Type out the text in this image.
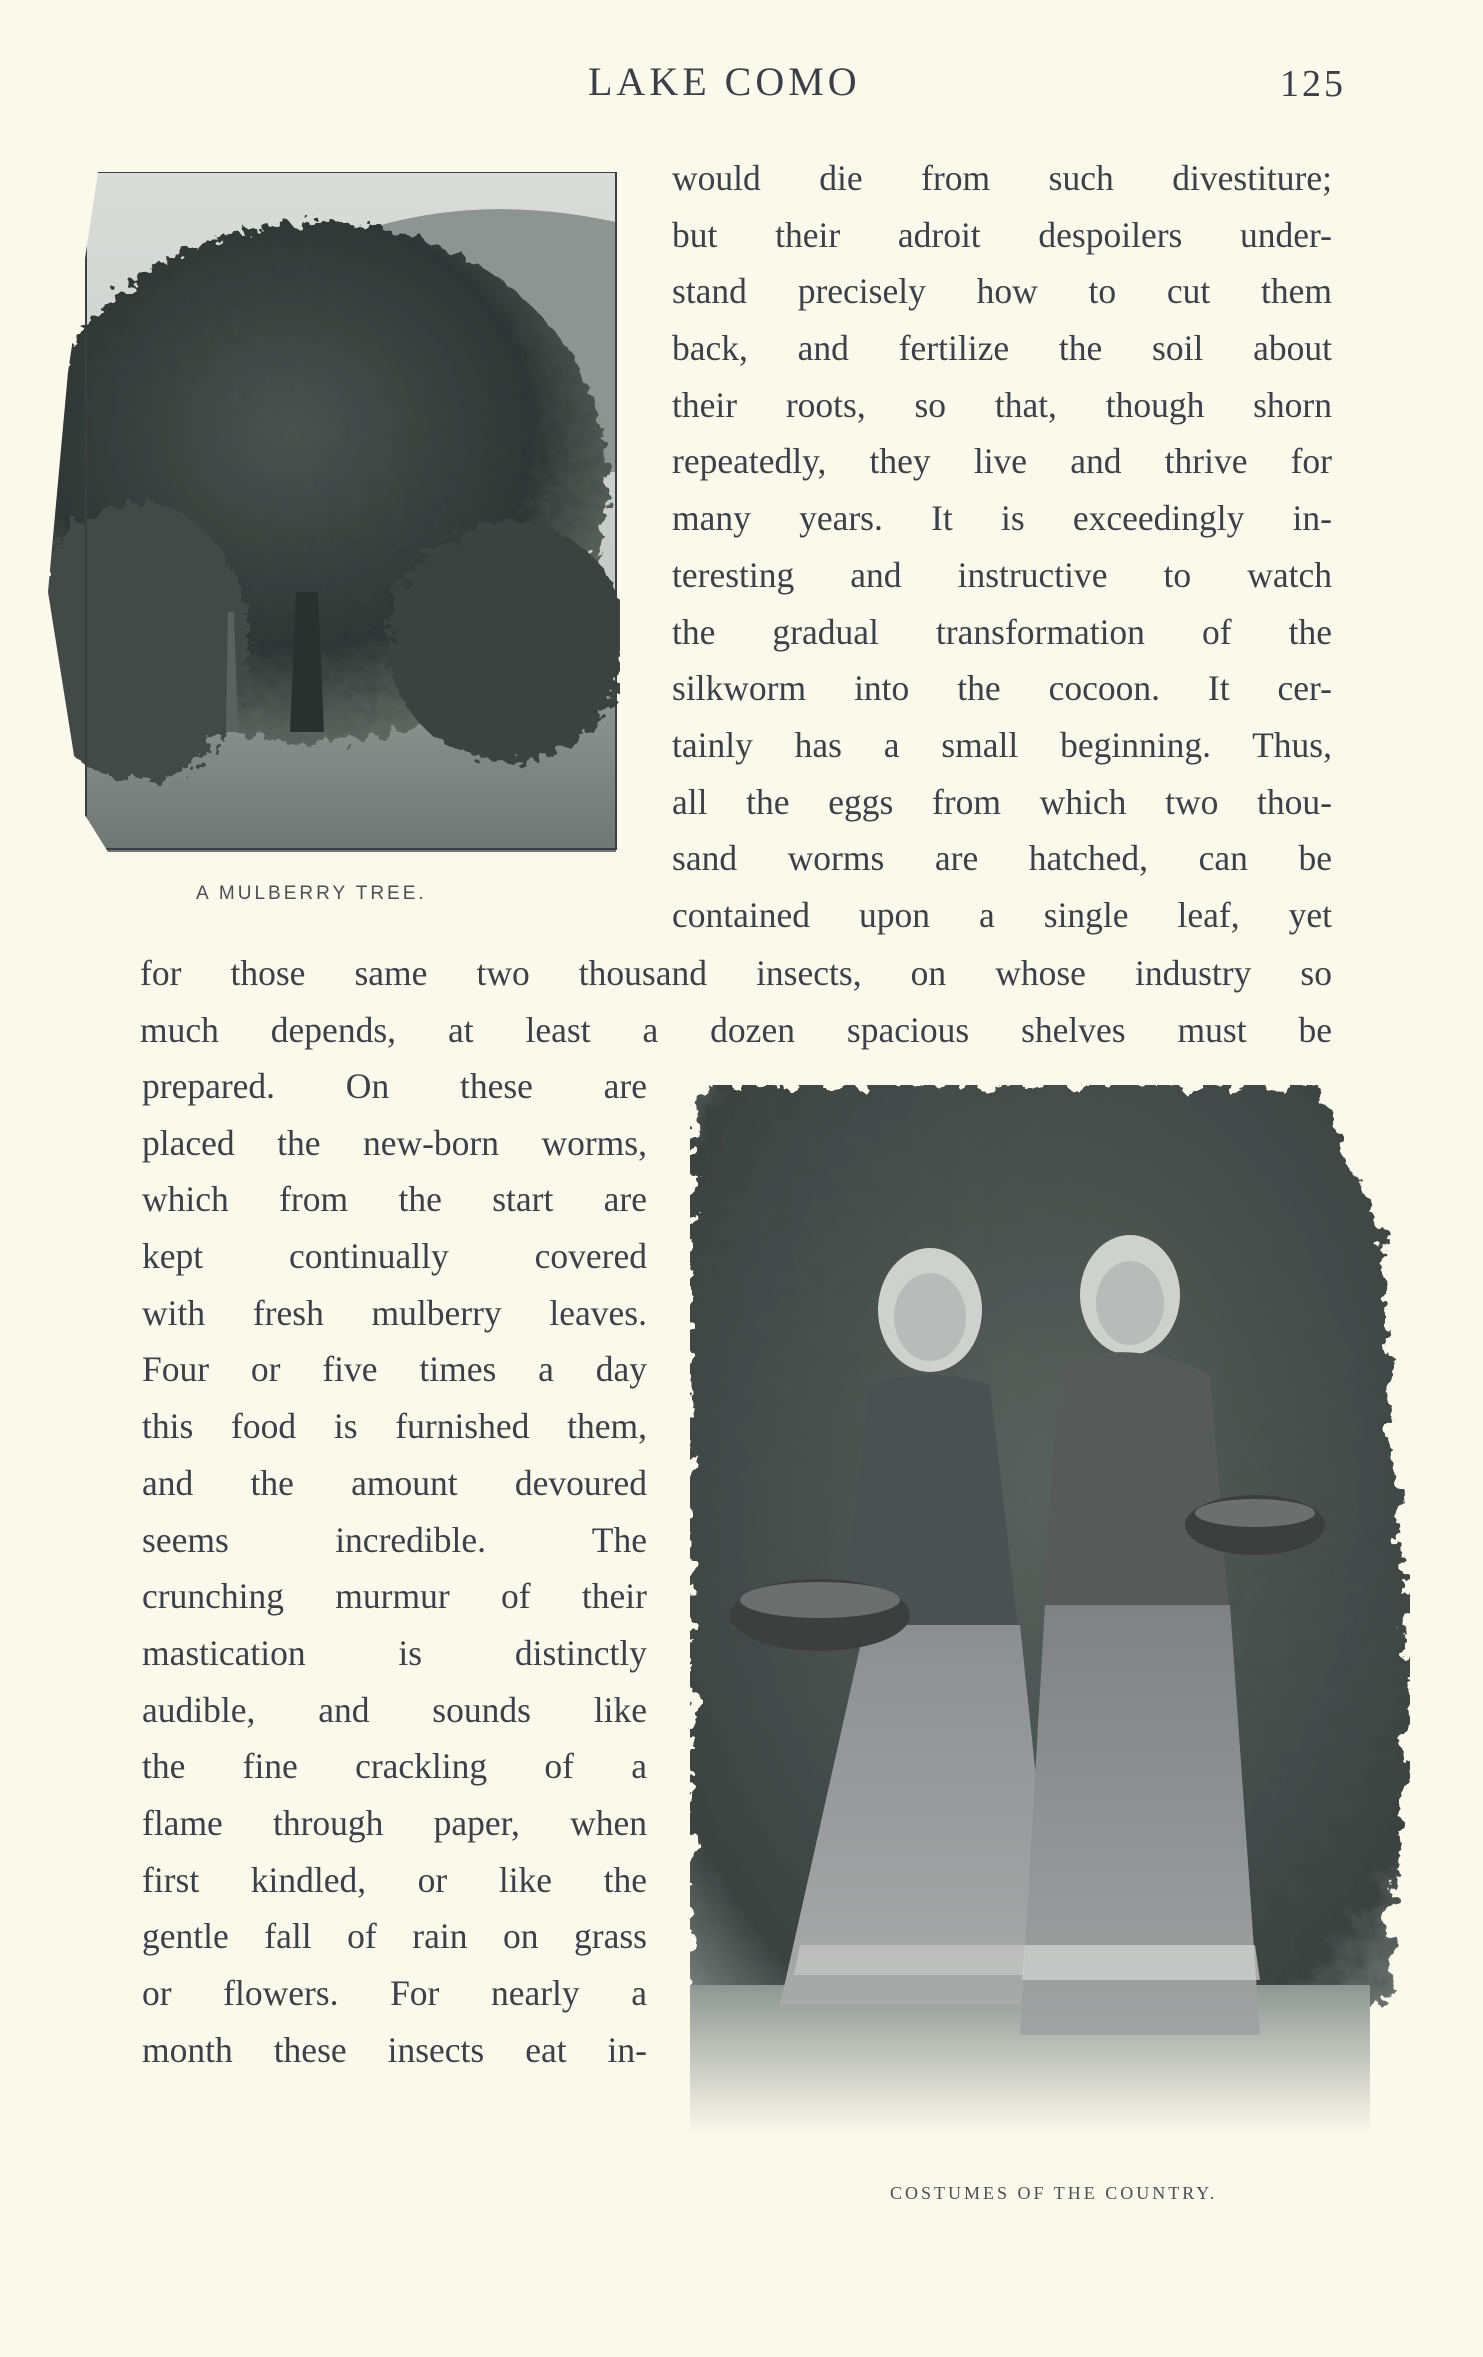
LAKE COMO	125
A MULBERRY TREE.
would die from such divestiture;
but their adroit despoilers under-
stand precisely how to cut them
back, and fertilize the soil about
their roots, so that, though shorn
repeatedly, they live and thrive for
many years. It is exceedingly in-
teresting and instructive to watch
the gradual transformation of the
silkworm into the cocoon. It cer-
tainly has a small beginning. Thus,
all the eggs from which two thou-
sand worms are hatched, can be
contained upon a single leaf, yet
for those same two thousand insects, on whose industry so
much depends, at least a dozen spacious shelves must be
prepared. On these are
placed the new-born worms,
which from the start are
kept continually covered
with fresh mulberry leaves.
Four or five times a day
this food is furnished them,
and the amount devoured
seems incredible. The
crunching murmur of their
mastication is distinctly
audible, and sounds like
the fine crackling of a
flame through paper, when
first kindled, or like the
gentle fall of rain on grass
or flowers. For nearly a
month these insects eat in-
COSTUMES OF THE COUNTRY.
